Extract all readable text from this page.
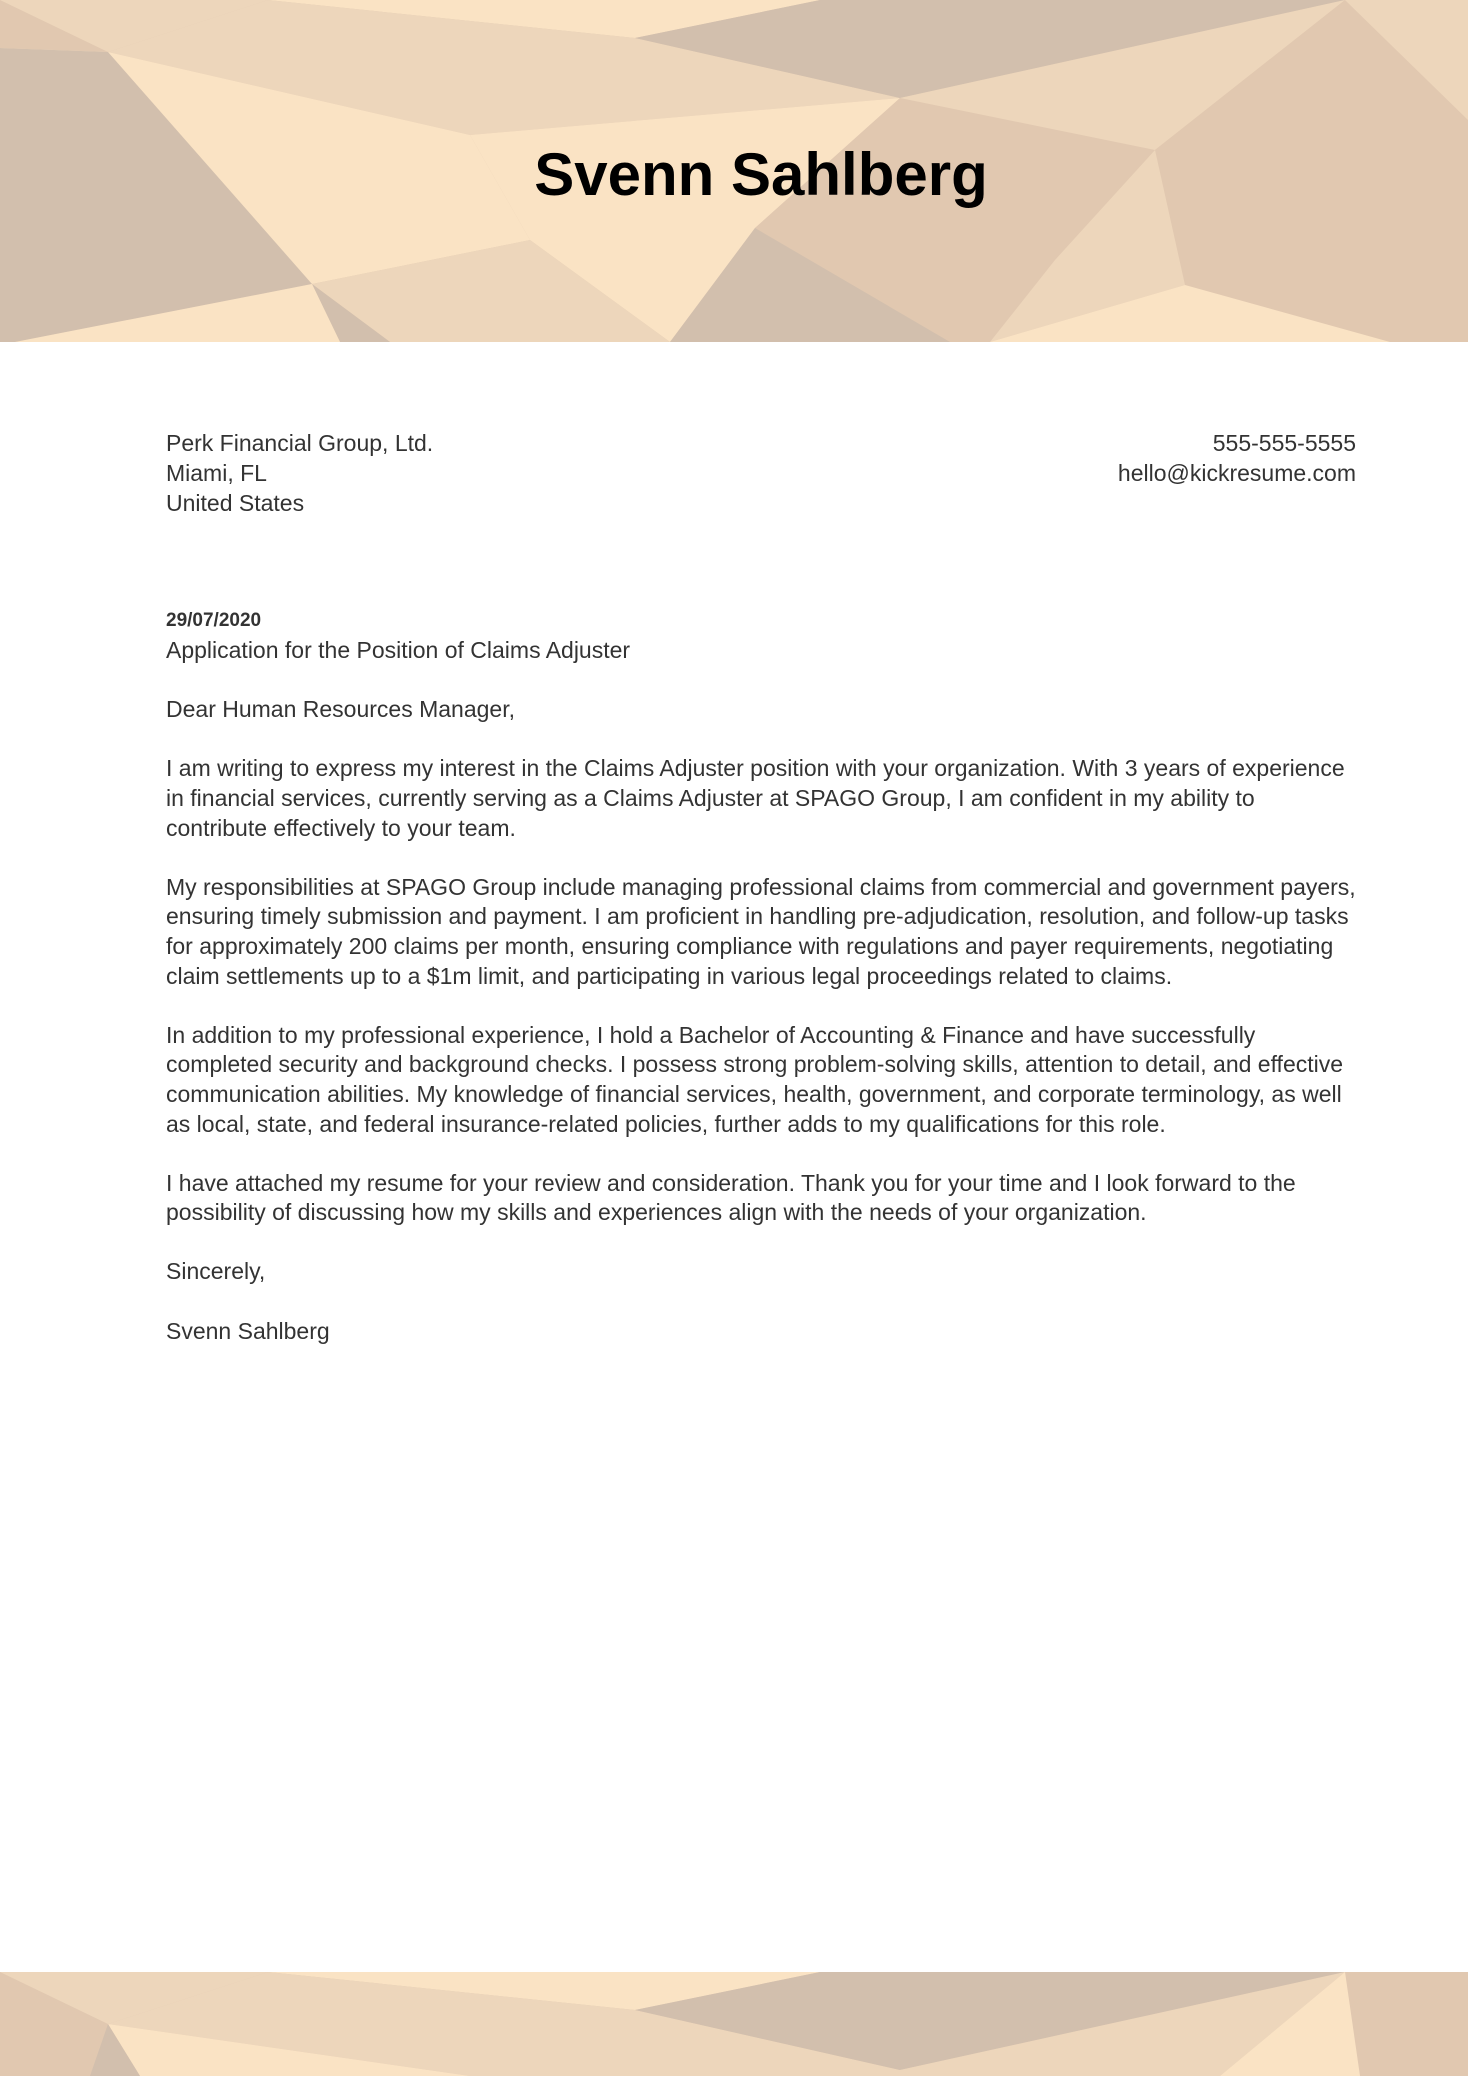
Svenn Sahlberg
Perk Financial Group, Ltd.
Miami, FL
United States
555-555-5555
hello@kickresume.com
29/07/2020
Application for the Position of Claims Adjuster

Dear Human Resources Manager,

I am writing to express my interest in the Claims Adjuster position with your organization. With 3 years of experience in financial services, currently serving as a Claims Adjuster at SPAGO Group, I am confident in my ability to contribute effectively to your team.

My responsibilities at SPAGO Group include managing professional claims from commercial and government payers, ensuring timely submission and payment. I am proficient in handling pre-adjudication, resolution, and follow-up tasks for approximately 200 claims per month, ensuring compliance with regulations and payer requirements, negotiating claim settlements up to a $1m limit, and participating in various legal proceedings related to claims.

In addition to my professional experience, I hold a Bachelor of Accounting & Finance and have successfully completed security and background checks. I possess strong problem-solving skills, attention to detail, and effective communication abilities. My knowledge of financial services, health, government, and corporate terminology, as well as local, state, and federal insurance-related policies, further adds to my qualifications for this role.

I have attached my resume for your review and consideration. Thank you for your time and I look forward to the possibility of discussing how my skills and experiences align with the needs of your organization.

Sincerely,

Svenn Sahlberg
